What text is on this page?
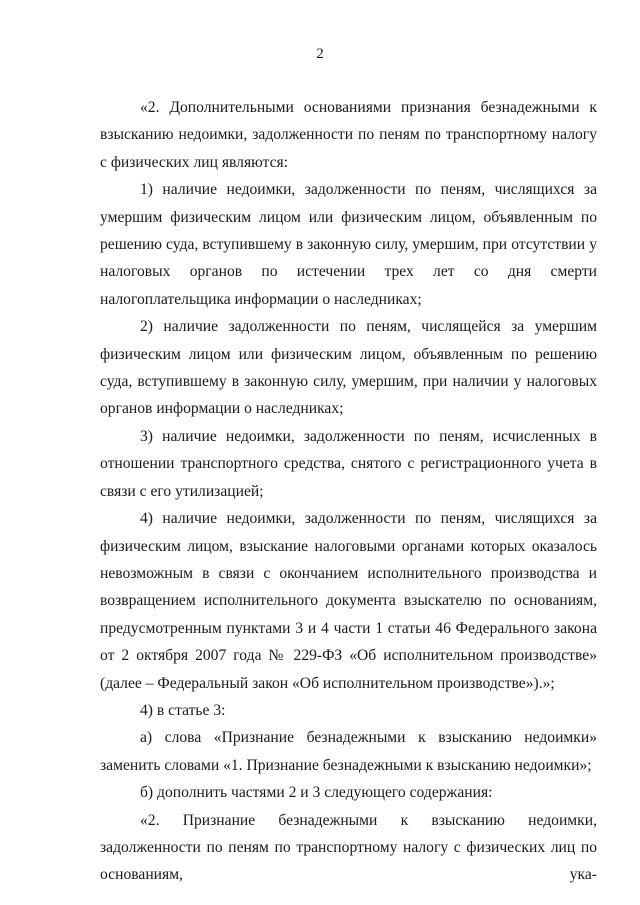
2

«2. Дополнительными основаниями признания безнадежными к взысканию недоимки, задолженности по пеням по транспортному налогу с физических лиц являются:

1) наличие недоимки, задолженности по пеням, числящихся за умершим физическим лицом или физическим лицом, объявленным по решению суда, вступившему в законную силу, умершим, при отсутствии у налоговых органов по истечении трех лет со дня смерти налогоплательщика информации о наследниках;

2) наличие задолженности по пеням, числящейся за умершим физическим лицом или физическим лицом, объявленным по решению суда, вступившему в законную силу, умершим, при наличии у налоговых органов информации о наследниках;

3) наличие недоимки, задолженности по пеням, исчисленных в отношении транспортного средства, снятого с регистрационного учета в связи с его утилизацией;

4) наличие недоимки, задолженности по пеням, числящихся за физическим лицом, взыскание налоговыми органами которых оказалось невозможным в связи с окончанием исполнительного производства и возвращением исполнительного документа взыскателю по основаниям, предусмотренным пунктами 3 и 4 части 1 статьи 46 Федерального закона от 2 октября 2007 года № 229-ФЗ «Об исполнительном производстве» (далее – Федеральный закон «Об исполнительном производстве»).»;

4) в статье 3:

а) слова «Признание безнадежными к взысканию недоимки» заменить словами «1. Признание безнадежными к взысканию недоимки»;

б) дополнить частями 2 и 3 следующего содержания:

«2. Признание безнадежными к взысканию недоимки, задолженности по пеням по транспортному налогу с физических лиц по основаниям, ука-
